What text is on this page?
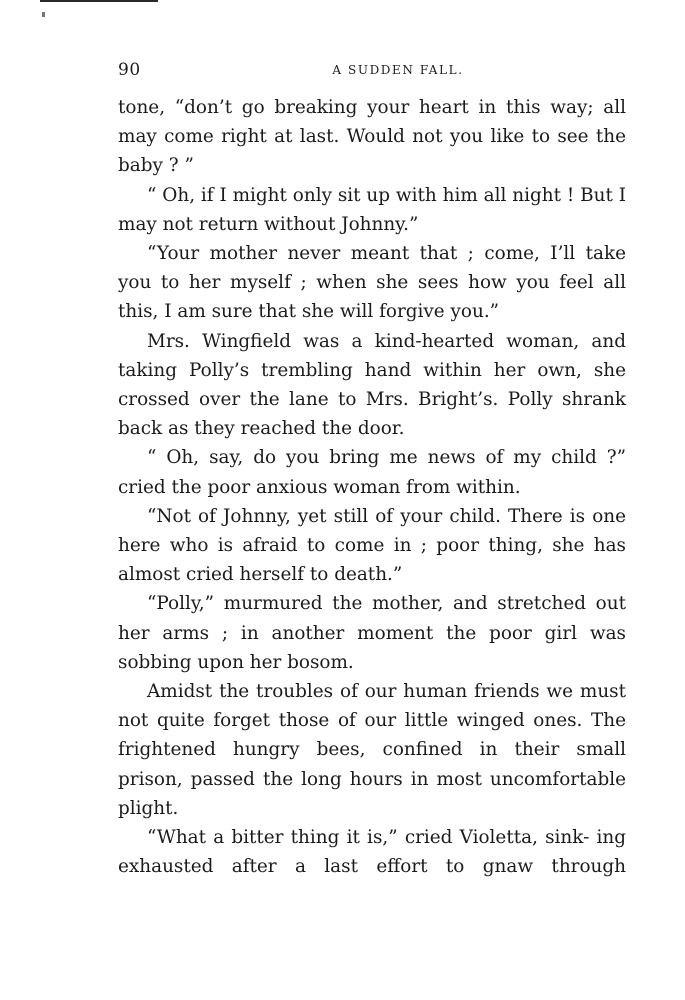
90	A SUDDEN FALL.

tone, “don’t go breaking your heart in this way; all may come right at last. Would not you like to see the baby ? ”

“ Oh, if I might only sit up with him all night ! But I may not return without Johnny.”

“Your mother never meant that ; come, I’ll take you to her myself ; when she sees how you feel all this, I am sure that she will forgive you.”

Mrs. Wingfield was a kind-hearted woman, and taking Polly’s trembling hand within her own, she crossed over the lane to Mrs. Bright’s. Polly shrank back as they reached the door.

“ Oh, say, do you bring me news of my child ?” cried the poor anxious woman from within.

“Not of Johnny, yet still of your child. There is one here who is afraid to come in ; poor thing, she has almost cried herself to death.”

“Polly,” murmured the mother, and stretched out her arms ; in another moment the poor girl was sobbing upon her bosom.

Amidst the troubles of our human friends we must not quite forget those of our little winged ones. The frightened hungry bees, confined in their small prison, passed the long hours in most uncomfortable plight.

“What a bitter thing it is,” cried Violetta, sink- ing exhausted after a last effort to gnaw through
